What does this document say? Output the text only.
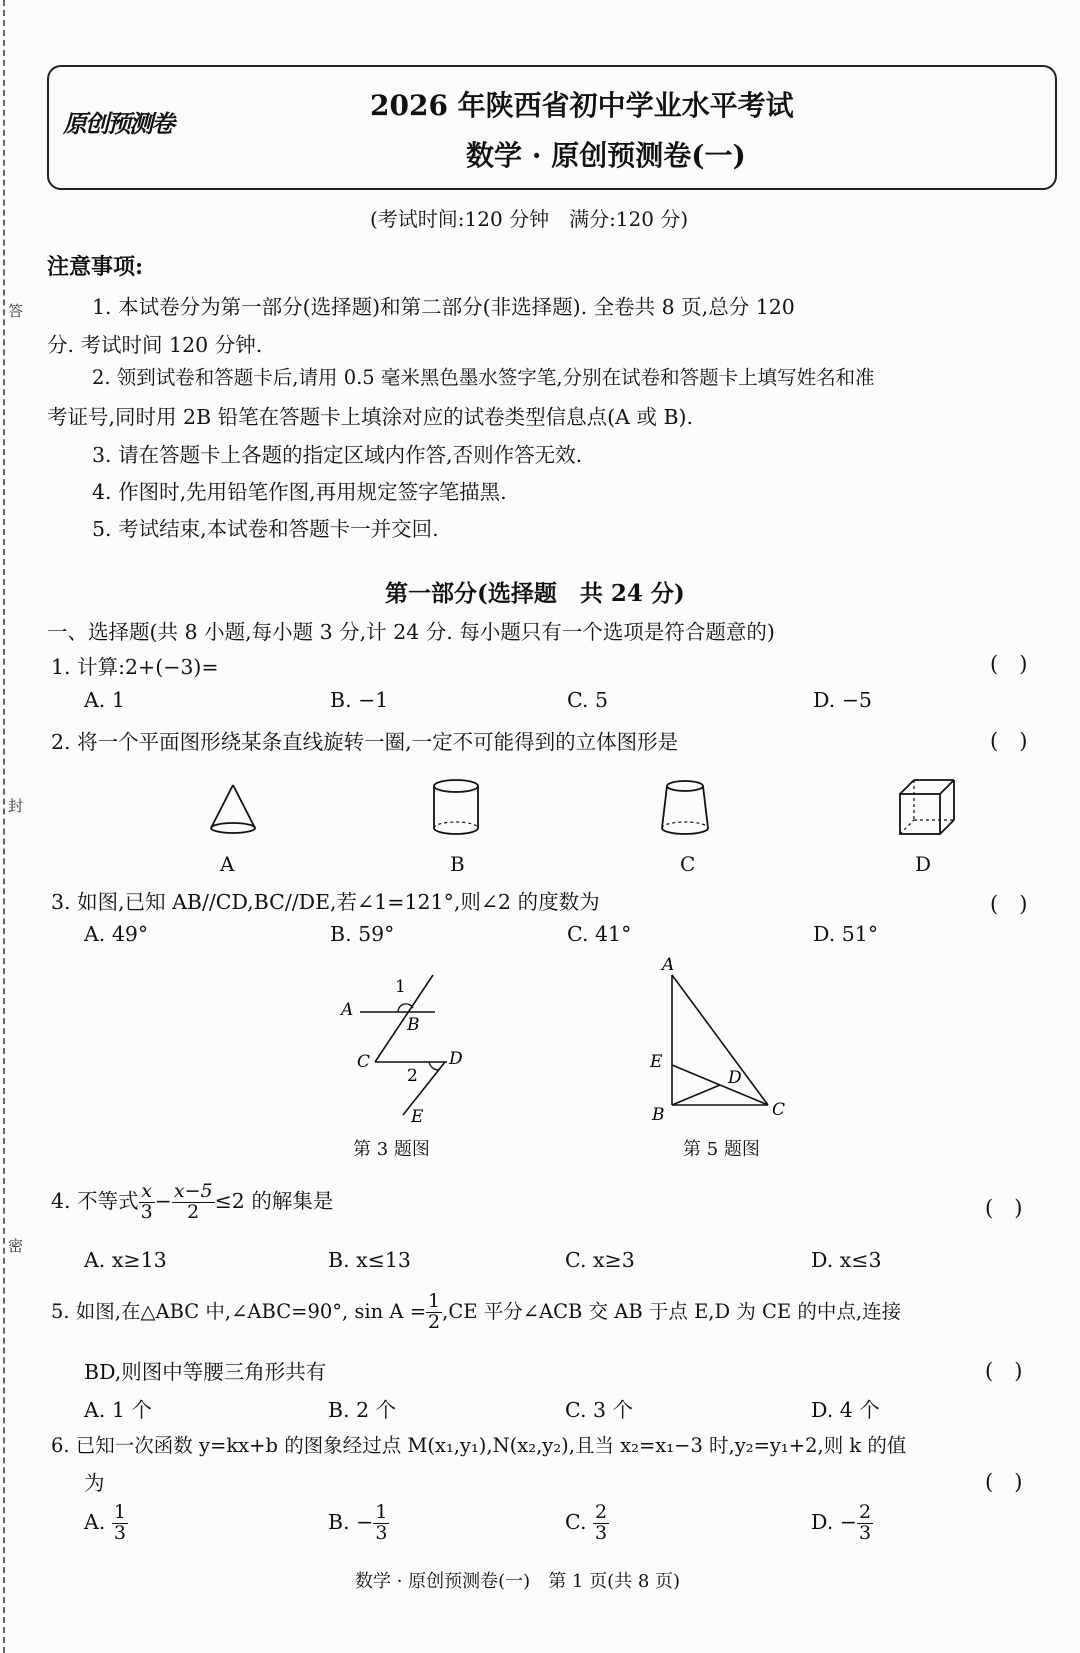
答
封
密
原创预测卷
2026 年陕西省初中学业水平考试
数学 · 原创预测卷(一)
(考试时间:120 分钟　满分:120 分)
注意事项:
1. 本试卷分为第一部分(选择题)和第二部分(非选择题). 全卷共 8 页,总分 120
分. 考试时间 120 分钟.
2. 领到试卷和答题卡后,请用 0.5 毫米黑色墨水签字笔,分别在试卷和答题卡上填写姓名和准
考证号,同时用 2B 铅笔在答题卡上填涂对应的试卷类型信息点(A 或 B).
3. 请在答题卡上各题的指定区域内作答,否则作答无效.
4. 作图时,先用铅笔作图,再用规定签字笔描黑.
5. 考试结束,本试卷和答题卡一并交回.
第一部分(选择题　共 24 分)
一、选择题(共 8 小题,每小题 3 分,计 24 分. 每小题只有一个选项是符合题意的)
1. 计算:2+(−3)=	(　)
A. 1	B. −1	C. 5	D. −5
2. 将一个平面图形绕某条直线旋转一圈,一定不可能得到的立体图形是	(　)
A	B	C	D
3. 如图,已知 AB//CD,BC//DE,若∠1=121°,则∠2 的度数为	(　)
A. 49°	B. 59°	C. 41°	D. 51°
1
A
B
C
2
D
E
第 3 题图
A
E
D
B	C
第 5 题图
4. 不等式 $\frac{x}{3} - \frac{x-5}{2} \le 2$ 的解集是	(　)
A. x≥13	B. x≤13	C. x≥3	D. x≤3
5. 如图,在△ABC 中,∠ABC=90°, $\sin A = \frac{1}{2} ,CE$ 平分∠ACB 交 AB 于点 E,D 为 CE 的中点,连接
BD,则图中等腰三角形共有	(　)
A. 1 个	B. 2 个	C. 3 个	D. 4 个
6. 已知一次函数 y=kx+b 的图象经过点 M(x₁,y₁),N(x₂,y₂),且当 x₂=x₁−3 时,y₂=y₁+2,则 k 的值
为	(　)
A. $\frac{1}{3}$	B. − $\frac{1}{3}$	C. $\frac{2}{3}$	D. − $\frac{2}{3}$
数学 · 原创预测卷(一)　第 1 页(共 8 页)
